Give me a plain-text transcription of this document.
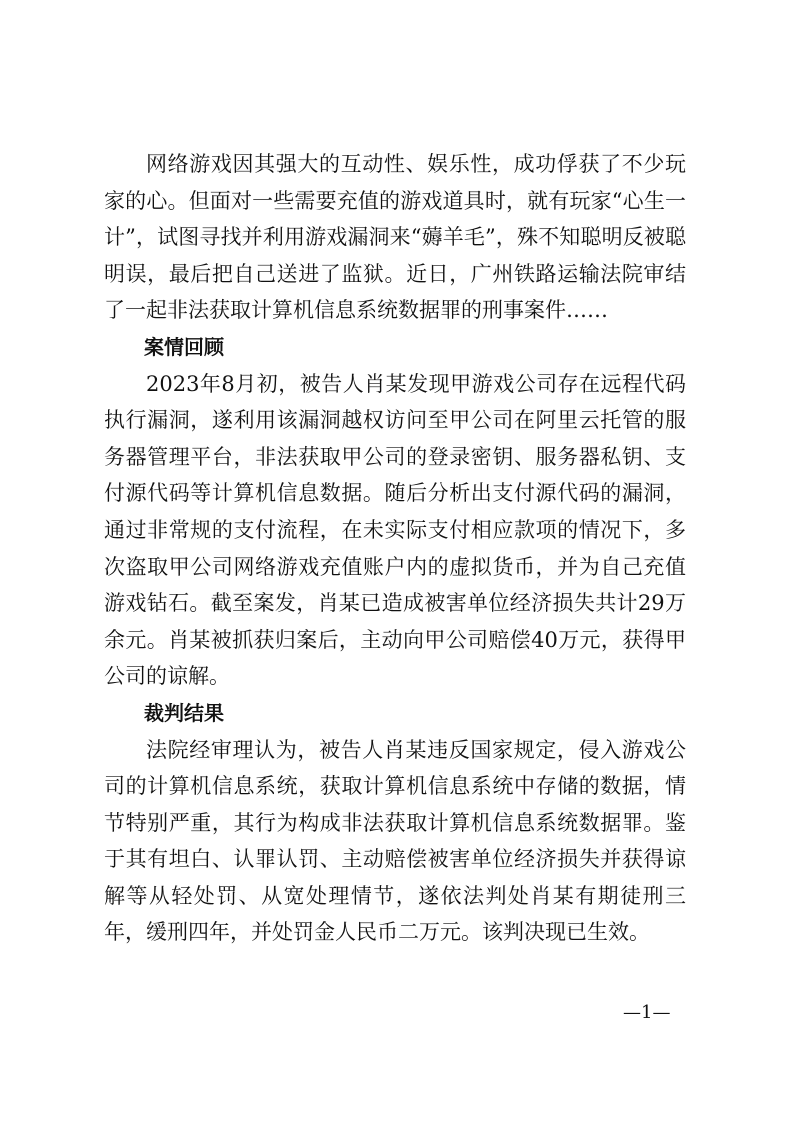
网络游戏因其强大的互动性、娱乐性，成功俘获了不少玩家的心。但面对一些需要充值的游戏道具时，就有玩家“心生一计”，试图寻找并利用游戏漏洞来“薅羊毛”，殊不知聪明反被聪明误，最后把自己送进了监狱。近日，广州铁路运输法院审结了一起非法获取计算机信息系统数据罪的刑事案件……

案情回顾

2023年8月初，被告人肖某发现甲游戏公司存在远程代码执行漏洞，遂利用该漏洞越权访问至甲公司在阿里云托管的服务器管理平台，非法获取甲公司的登录密钥、服务器私钥、支付源代码等计算机信息数据。随后分析出支付源代码的漏洞，通过非常规的支付流程，在未实际支付相应款项的情况下，多次盗取甲公司网络游戏充值账户内的虚拟货币，并为自己充值游戏钻石。截至案发，肖某已造成被害单位经济损失共计29万余元。肖某被抓获归案后，主动向甲公司赔偿40万元，获得甲公司的谅解。

裁判结果

法院经审理认为，被告人肖某违反国家规定，侵入游戏公司的计算机信息系统，获取计算机信息系统中存储的数据，情节特别严重，其行为构成非法获取计算机信息系统数据罪。鉴于其有坦白、认罪认罚、主动赔偿被害单位经济损失并获得谅解等从轻处罚、从宽处理情节，遂依法判处肖某有期徒刑三年，缓刑四年，并处罚金人民币二万元。该判决现已生效。

—1—
